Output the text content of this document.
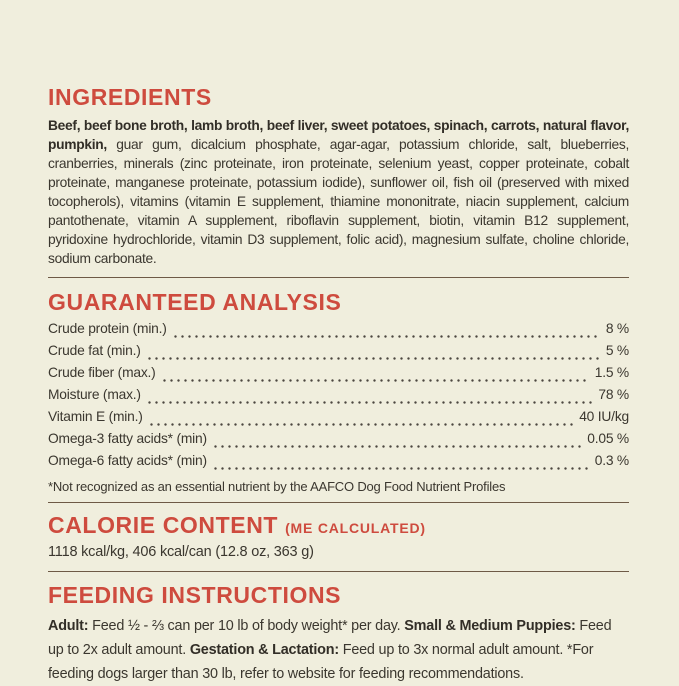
INGREDIENTS

Beef, beef bone broth, lamb broth, beef liver, sweet potatoes, spinach, carrots, natural flavor, pumpkin, guar gum, dicalcium phosphate, agar-agar, potassium chloride, salt, blueberries, cranberries, minerals (zinc proteinate, iron proteinate, selenium yeast, copper proteinate, cobalt proteinate, manganese proteinate, potassium iodide), sunflower oil, fish oil (preserved with mixed tocopherols), vitamins (vitamin E supplement, thiamine mononitrate, niacin supplement, calcium pantothenate, vitamin A supplement, riboflavin supplement, biotin, vitamin B12 supplement, pyridoxine hydrochloride, vitamin D3 supplement, folic acid), magnesium sulfate, choline chloride, sodium carbonate.

GUARANTEED ANALYSIS
Crude protein (min.)	8 %
Crude fat (min.)	5 %
Crude fiber (max.)	1.5 %
Moisture (max.)	78 %
Vitamin E (min.)	40 IU/kg
Omega-3 fatty acids* (min)	0.05 %
Omega-6 fatty acids* (min)	0.3 %

*Not recognized as an essential nutrient by the AAFCO Dog Food Nutrient Profiles

CALORIE CONTENT (ME CALCULATED)

1118 kcal/kg, 406 kcal/can (12.8 oz, 363 g)

FEEDING INSTRUCTIONS

Adult: Feed ½ - ⅔ can per 10 lb of body weight* per day. Small & Medium Puppies: Feed up to 2x adult amount. Gestation & Lactation: Feed up to 3x normal adult amount. *For feeding dogs larger than 30 lb, refer to website for feeding recommendations.
